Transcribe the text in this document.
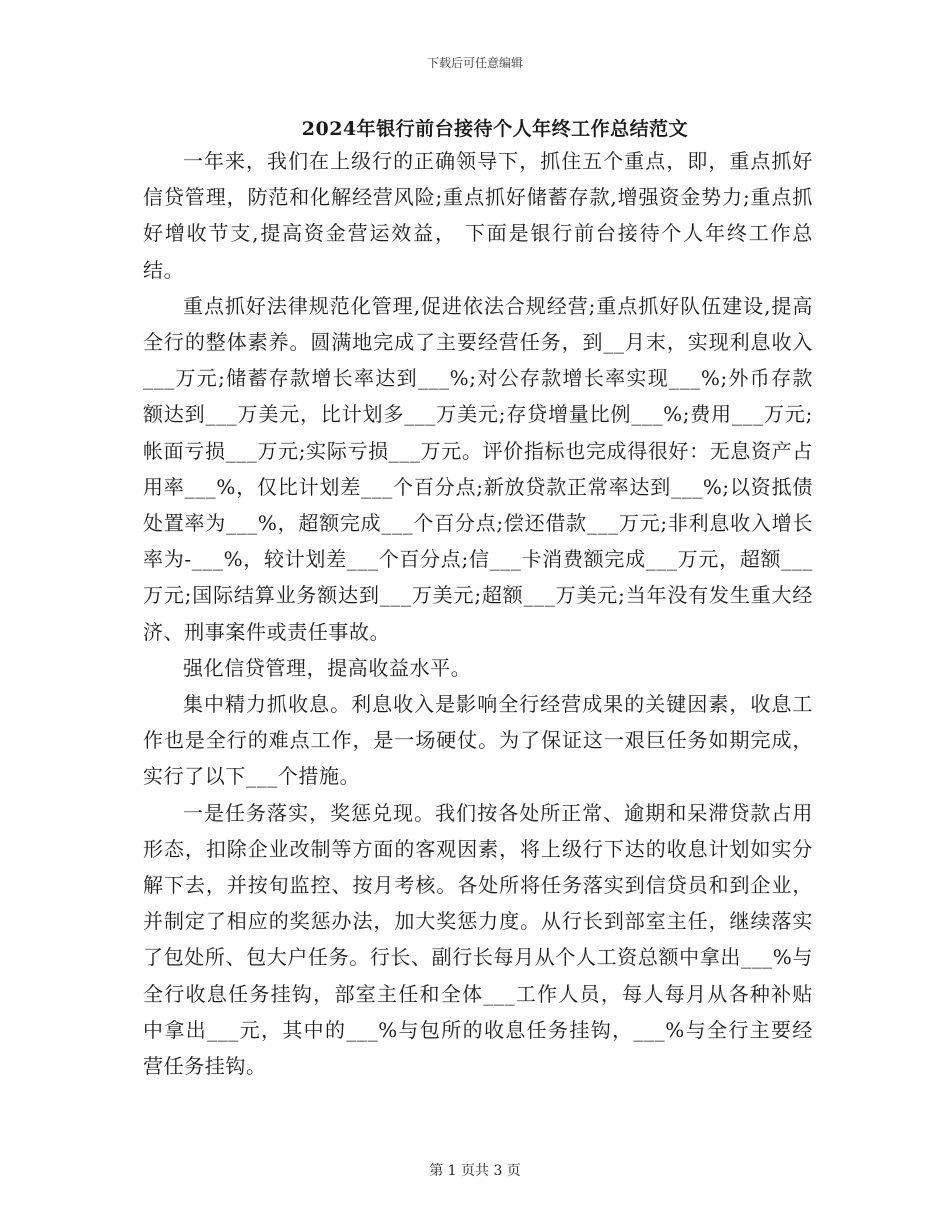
下载后可任意编辑
2024年银行前台接待个人年终工作总结范文

一年来，我们在上级行的正确领导下，抓住五个重点，即，重点抓好信贷管理，防范和化解经营风险;重点抓好储蓄存款,增强资金势力;重点抓好增收节支,提高资金营运效益， 下面是银行前台接待个人年终工作总结。

重点抓好法律规范化管理,促进依法合规经营;重点抓好队伍建设,提高全行的整体素养。圆满地完成了主要经营任务，到__月末，实现利息收入___万元;储蓄存款增长率达到___%;对公存款增长率实现___%;外币存款额达到___万美元，比计划多___万美元;存贷增量比例___%;费用___万元;帐面亏损___万元;实际亏损___万元。评价指标也完成得很好：无息资产占用率___%，仅比计划差___个百分点;新放贷款正常率达到___%;以资抵债处置率为___%，超额完成___个百分点;偿还借款___万元;非利息收入增长率为-___%，较计划差___个百分点;信___卡消费额完成___万元，超额___万元;国际结算业务额达到___万美元;超额___万美元;当年没有发生重大经济、刑事案件或责任事故。

强化信贷管理，提高收益水平。

集中精力抓收息。利息收入是影响全行经营成果的关键因素，收息工作也是全行的难点工作，是一场硬仗。为了保证这一艰巨任务如期完成，实行了以下___个措施。

一是任务落实，奖惩兑现。我们按各处所正常、逾期和呆滞贷款占用形态，扣除企业改制等方面的客观因素，将上级行下达的收息计划如实分解下去，并按旬监控、按月考核。各处所将任务落实到信贷员和到企业，并制定了相应的奖惩办法，加大奖惩力度。从行长到部室主任，继续落实了包处所、包大户任务。行长、副行长每月从个人工资总额中拿出___%与全行收息任务挂钩，部室主任和全体___工作人员，每人每月从各种补贴中拿出___元，其中的___%与包所的收息任务挂钩，___%与全行主要经营任务挂钩。

第 1 页共 3 页
